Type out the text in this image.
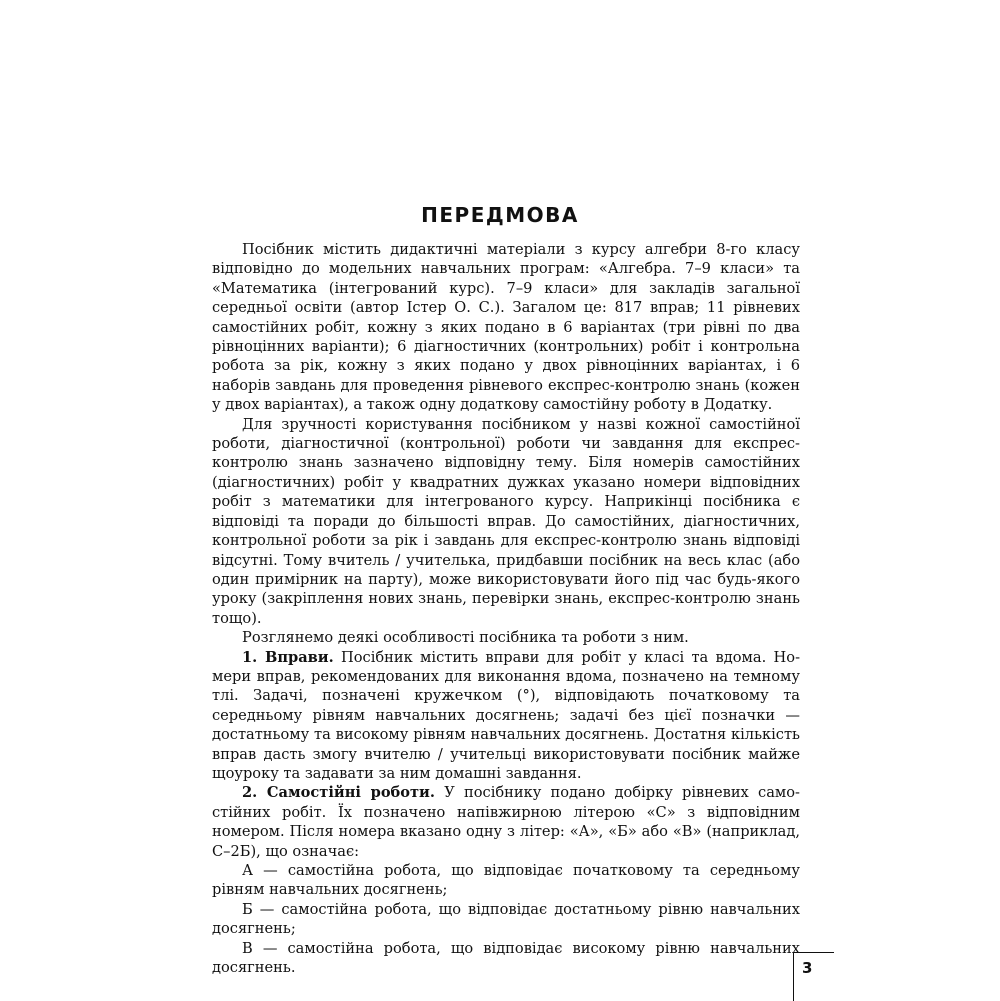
ПЕРЕДМОВА

Посібник містить дидактичні матеріали з курсу алгебри 8-го класу відповідно до модельних навчальних програм: «Алгебра. 7–9 класи» та «Математика (інтегрований курс). 7–9 класи» для закладів загальної середньої освіти (автор Істер О. С.). Загалом це: 817 вправ; 11 рівневих самостійних робіт, кожну з яких подано в 6 варіантах (три рівні по два рівноцінних варіанти); 6 діагностичних (контрольних) робіт і контрольна робота за рік, кожну з яких подано у двох рівноцінних варіантах, і 6 наборів завдань для проведення рівневого експрес-контролю знань (кожен у двох варіантах), а також одну додаткову самостійну роботу в Додатку.

Для зручності користування посібником у назві кожної самостійної роботи, діагностичної (контрольної) роботи чи завдання для експрес-контролю знань зазначено відповідну тему. Біля номерів самостійних (діагностичних) робіт у квадратних дужках указано номери відповідних робіт з математики для інтегрованого курсу. Наприкінці посібника є відповіді та поради до більшості вправ. До самостійних, діагностичних, контрольної роботи за рік і завдань для експрес-контролю знань відповіді відсутні. Тому вчитель / учителька, придбавши посібник на весь клас (або один примірник на парту), може використовувати його під час будь-якого уроку (закріплення нових знань, перевірки знань, експрес-контролю знань тощо).

Розглянемо деякі особливості посібника та роботи з ним.

1. Вправи. Посібник містить вправи для робіт у класі та вдома. Номери вправ, рекомендованих для виконання вдома, позначено на темному тлі. Задачі, позначені кружечком (°), відповідають початковому та середньому рівням навчальних досягнень; задачі без цієї позначки — достатньому та високому рівням навчальних досягнень. Достатня кількість вправ дасть змогу вчителю / учительці використовувати посібник майже щоуроку та задавати за ним домашні завдання.

2. Самостійні роботи. У посібнику подано добірку рівневих самостійних робіт. Їх позначено напівжирною літерою «С» з відповідним номером. Після номера вказано одну з літер: «А», «Б» або «В» (наприклад, С–2Б), що означає:

А — самостійна робота, що відповідає початковому та середньому рівням навчальних досягнень;

Б — самостійна робота, що відповідає достатньому рівню навчальних досягнень;

В — самостійна робота, що відповідає високому рівню навчальних досягнень.	3
